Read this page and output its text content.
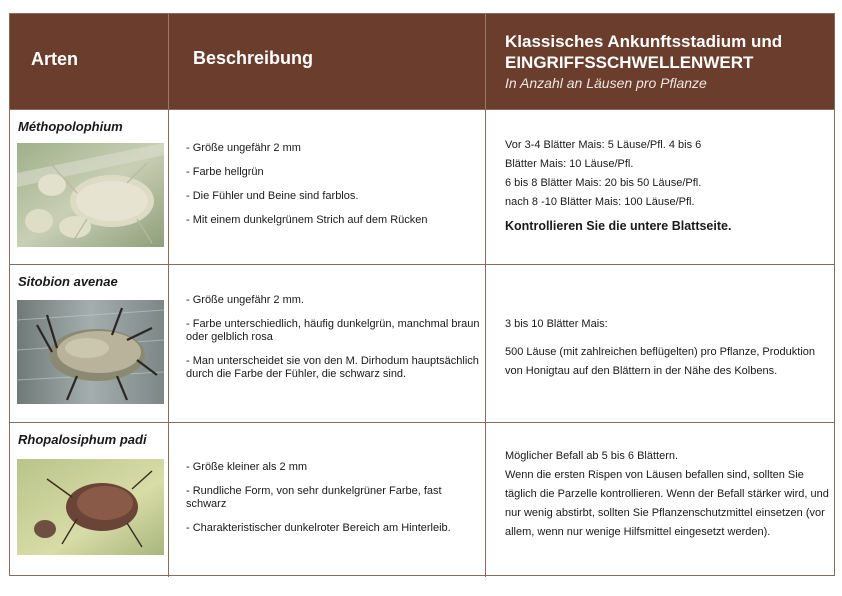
Arten	Beschreibung
Klassisches Ankunftsstadium und
EINGRIFFSSCHWELLENWERT
In Anzahl an Läusen pro Pflanze
Méthopolophium
- Größe ungefähr 2 mm
- Farbe hellgrün
- Die Fühler und Beine sind farblos.
- Mit einem dunkelgrünem Strich auf dem Rücken
Vor 3-4 Blätter Mais: 5 Läuse/Pfl. 4 bis 6
Blätter Mais: 10 Läuse/Pfl.
6 bis 8 Blätter Mais: 20 bis 50 Läuse/Pfl.
nach 8 -10 Blätter Mais: 100 Läuse/Pfl.
Kontrollieren Sie die untere Blattseite.
Sitobion avenae
- Größe ungefähr 2 mm.
- Farbe unterschiedlich, häufig dunkelgrün, manchmal braun oder gelblich rosa
- Man unterscheidet sie von den M. Dirhodum hauptsächlich durch die Farbe der Fühler, die schwarz sind.

3 bis 10 Blätter Mais:

500 Läuse (mit zahlreichen beflügelten) pro Pflanze, Produktion von Honigtau auf den Blättern in der Nähe des Kolbens.

Rhopalosiphum padi
- Größe kleiner als 2 mm
- Rundliche Form, von sehr dunkelgrüner Farbe, fast schwarz
- Charakteristischer dunkelroter Bereich am Hinterleib.

Möglicher Befall ab 5 bis 6 Blättern.

Wenn die ersten Rispen von Läusen befallen sind, sollten Sie täglich die Parzelle kontrollieren. Wenn der Befall stärker wird, und nur wenig abstirbt, sollten Sie Pflanzenschutzmittel einsetzen (vor allem, wenn nur wenige Hilfsmittel eingesetzt werden).
